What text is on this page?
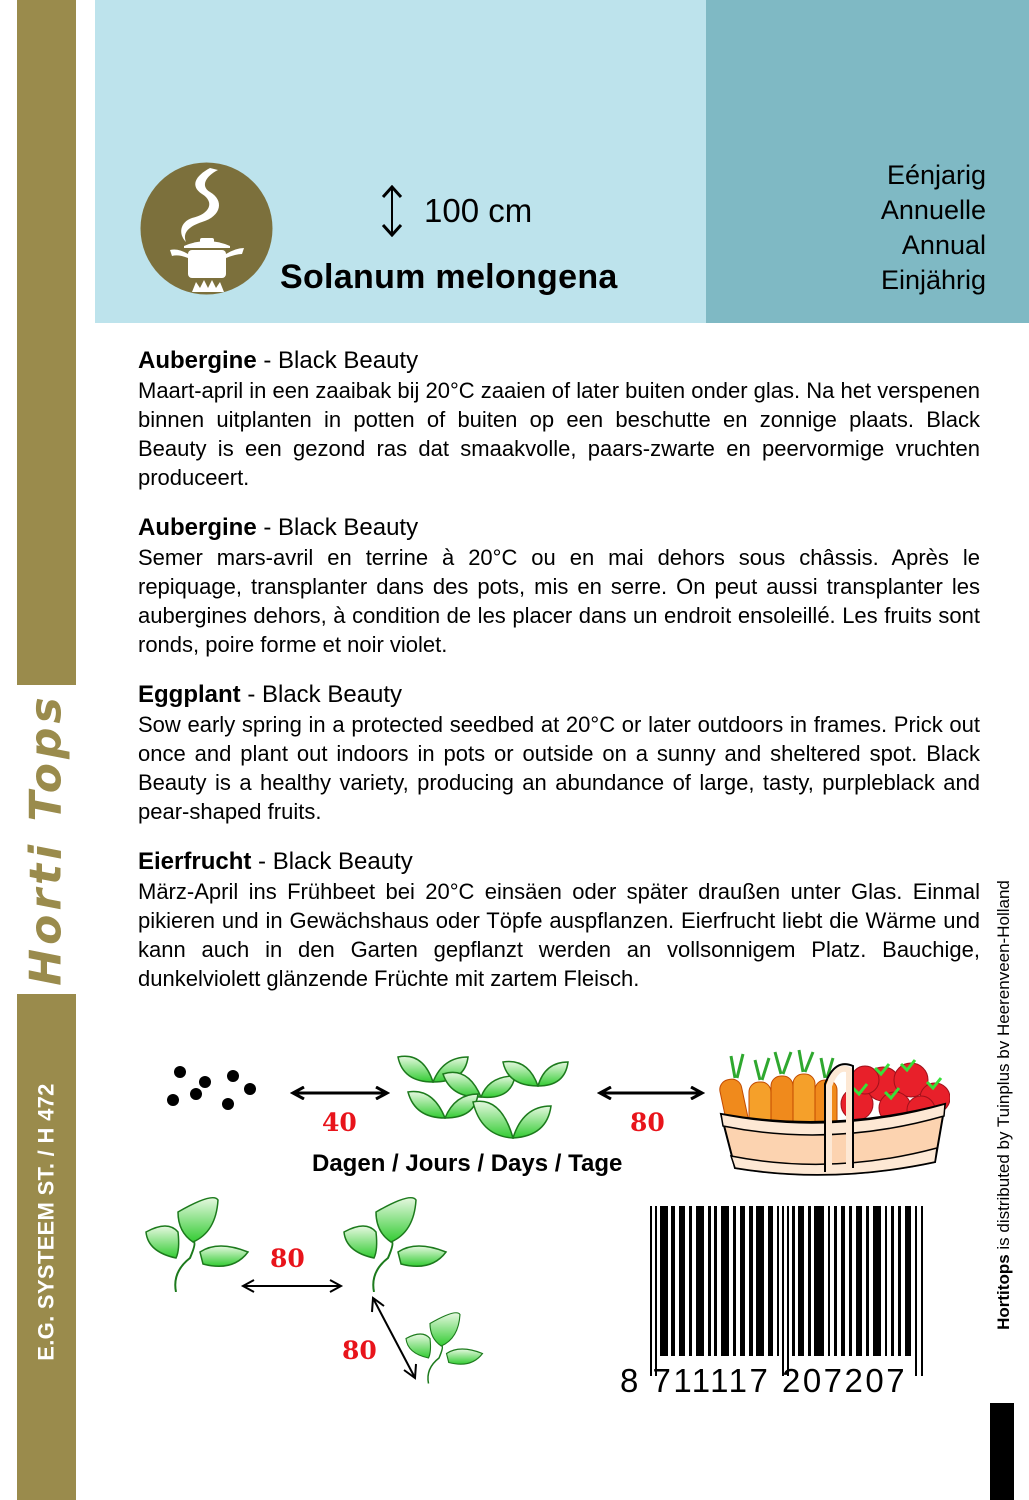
Horti Tops
E.G. SYSTEEM ST. / H 472
100 cm
Solanum melongena
Eénjarig
Annuelle
Annual
Einjährig
Aubergine - Black Beauty

Maart-april in een zaaibak bij 20°C zaaien of later buiten onder glas. Na het verspenen binnen uitplanten in potten of buiten op een beschutte en zonnige plaats. Black Beauty is een gezond ras dat smaakvolle, paars-zwarte en peervormige vruchten produceert.

Aubergine - Black Beauty

Semer mars-avril en terrine à 20°C ou en mai dehors sous châssis. Après le repiquage, transplanter dans des pots, mis en serre. On peut aussi transplanter les aubergines dehors, à condition de les placer dans un endroit ensoleillé. Les fruits sont ronds, poire forme et noir violet.

Eggplant - Black Beauty

Sow early spring in a protected seedbed at 20°C or later outdoors in frames. Prick out once and plant out indoors in pots or outside on a sunny and sheltered spot. Black Beauty is a healthy variety, producing an abundance of large, tasty, purpleblack and pear-shaped fruits.

Eierfrucht - Black Beauty

März-April ins Frühbeet bei 20°C einsäen oder später draußen unter Glas. Einmal pikieren und in Gewächshaus oder Töpfe auspflanzen. Eierfrucht liebt die Wärme und kann auch in den Garten gepflanzt werden an vollsonnigem Platz. Bauchige, dunkelviolett glänzende Früchte mit zartem Fleisch.

40	80
Dagen / Jours / Days / Tage
80
80
8 711117 207207
Hortitops is distributed by Tuinplus bv Heerenveen-Holland
